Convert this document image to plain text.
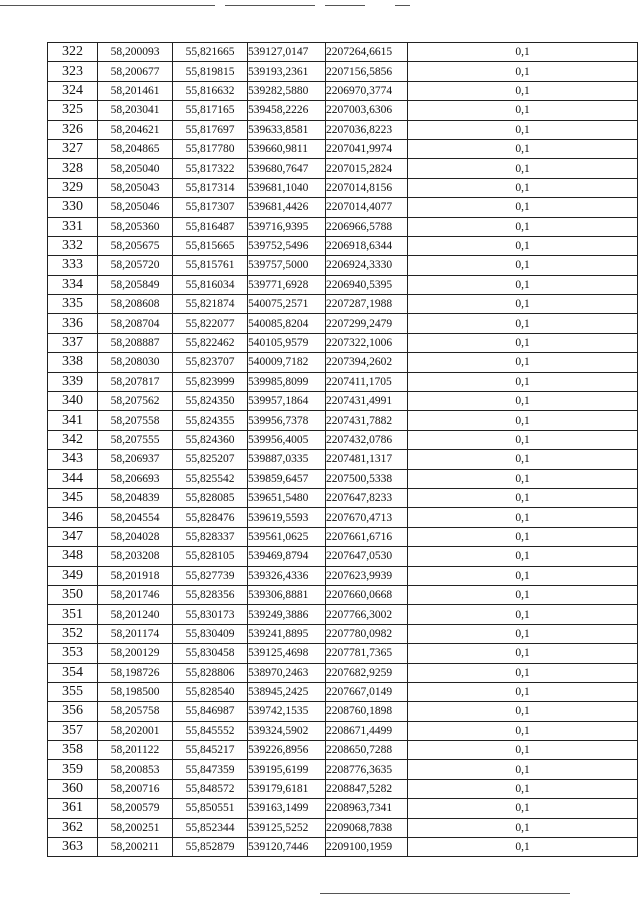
322	58,200093	55,821665	539127,0147	2207264,6615	0,1
323	58,200677	55,819815	539193,2361	2207156,5856	0,1
324	58,201461	55,816632	539282,5880	2206970,3774	0,1
325	58,203041	55,817165	539458,2226	2207003,6306	0,1
326	58,204621	55,817697	539633,8581	2207036,8223	0,1
327	58,204865	55,817780	539660,9811	2207041,9974	0,1
328	58,205040	55,817322	539680,7647	2207015,2824	0,1
329	58,205043	55,817314	539681,1040	2207014,8156	0,1
330	58,205046	55,817307	539681,4426	2207014,4077	0,1
331	58,205360	55,816487	539716,9395	2206966,5788	0,1
332	58,205675	55,815665	539752,5496	2206918,6344	0,1
333	58,205720	55,815761	539757,5000	2206924,3330	0,1
334	58,205849	55,816034	539771,6928	2206940,5395	0,1
335	58,208608	55,821874	540075,2571	2207287,1988	0,1
336	58,208704	55,822077	540085,8204	2207299,2479	0,1
337	58,208887	55,822462	540105,9579	2207322,1006	0,1
338	58,208030	55,823707	540009,7182	2207394,2602	0,1
339	58,207817	55,823999	539985,8099	2207411,1705	0,1
340	58,207562	55,824350	539957,1864	2207431,4991	0,1
341	58,207558	55,824355	539956,7378	2207431,7882	0,1
342	58,207555	55,824360	539956,4005	2207432,0786	0,1
343	58,206937	55,825207	539887,0335	2207481,1317	0,1
344	58,206693	55,825542	539859,6457	2207500,5338	0,1
345	58,204839	55,828085	539651,5480	2207647,8233	0,1
346	58,204554	55,828476	539619,5593	2207670,4713	0,1
347	58,204028	55,828337	539561,0625	2207661,6716	0,1
348	58,203208	55,828105	539469,8794	2207647,0530	0,1
349	58,201918	55,827739	539326,4336	2207623,9939	0,1
350	58,201746	55,828356	539306,8881	2207660,0668	0,1
351	58,201240	55,830173	539249,3886	2207766,3002	0,1
352	58,201174	55,830409	539241,8895	2207780,0982	0,1
353	58,200129	55,830458	539125,4698	2207781,7365	0,1
354	58,198726	55,828806	538970,2463	2207682,9259	0,1
355	58,198500	55,828540	538945,2425	2207667,0149	0,1
356	58,205758	55,846987	539742,1535	2208760,1898	0,1
357	58,202001	55,845552	539324,5902	2208671,4499	0,1
358	58,201122	55,845217	539226,8956	2208650,7288	0,1
359	58,200853	55,847359	539195,6199	2208776,3635	0,1
360	58,200716	55,848572	539179,6181	2208847,5282	0,1
361	58,200579	55,850551	539163,1499	2208963,7341	0,1
362	58,200251	55,852344	539125,5252	2209068,7838	0,1
363	58,200211	55,852879	539120,7446	2209100,1959	0,1
